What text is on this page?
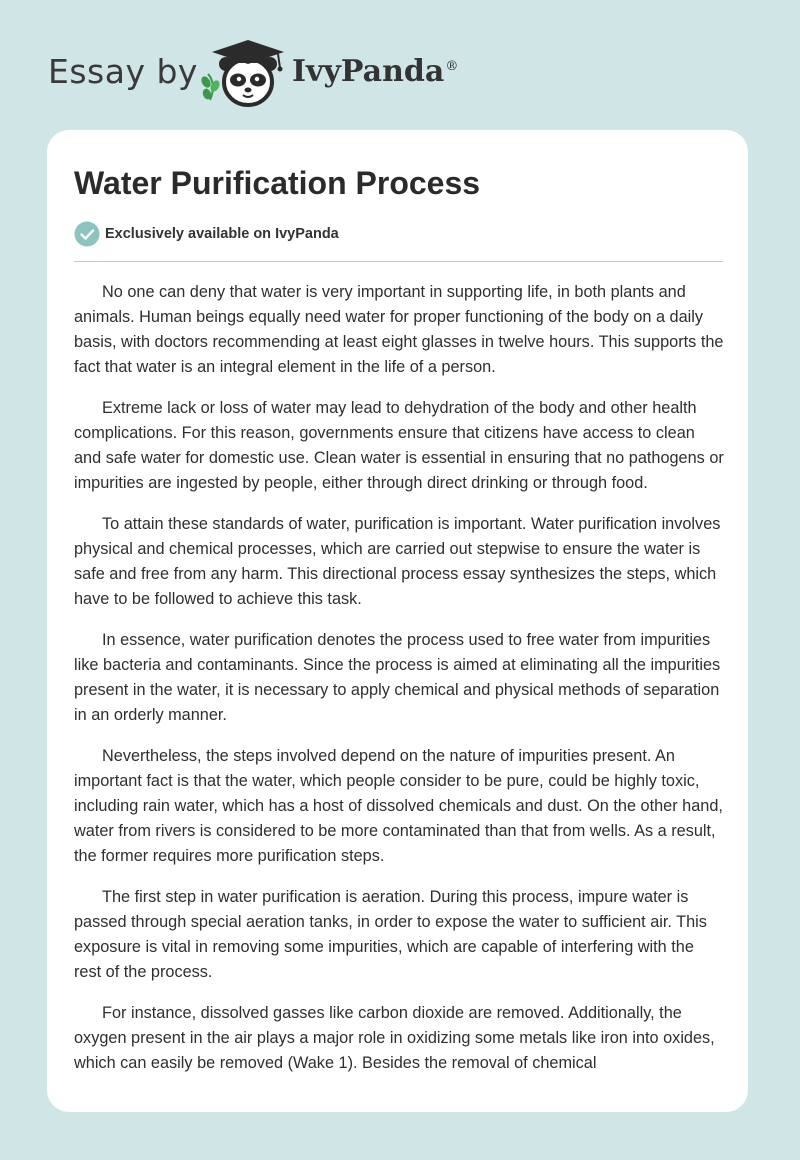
Essay by	IvyPanda®
Water Purification Process
Exclusively available on IvyPanda

No one can deny that water is very important in supporting life, in both plants and animals. Human beings equally need water for proper functioning of the body on a daily basis, with doctors recommending at least eight glasses in twelve hours. This supports the fact that water is an integral element in the life of a person.

Extreme lack or loss of water may lead to dehydration of the body and other health complications. For this reason, governments ensure that citizens have access to clean and safe water for domestic use. Clean water is essential in ensuring that no pathogens or impurities are ingested by people, either through direct drinking or through food.

To attain these standards of water, purification is important. Water purification involves physical and chemical processes, which are carried out stepwise to ensure the water is safe and free from any harm. This directional process essay synthesizes the steps, which have to be followed to achieve this task.

In essence, water purification denotes the process used to free water from impurities like bacteria and contaminants. Since the process is aimed at eliminating all the impurities present in the water, it is necessary to apply chemical and physical methods of separation in an orderly manner.

Nevertheless, the steps involved depend on the nature of impurities present. An important fact is that the water, which people consider to be pure, could be highly toxic, including rain water, which has a host of dissolved chemicals and dust. On the other hand, water from rivers is considered to be more contaminated than that from wells. As a result, the former requires more purification steps.

The first step in water purification is aeration. During this process, impure water is passed through special aeration tanks, in order to expose the water to sufficient air. This exposure is vital in removing some impurities, which are capable of interfering with the rest of the process.

For instance, dissolved gasses like carbon dioxide are removed. Additionally, the oxygen present in the air plays a major role in oxidizing some metals like iron into oxides, which can easily be removed (Wake 1). Besides the removal of chemical
